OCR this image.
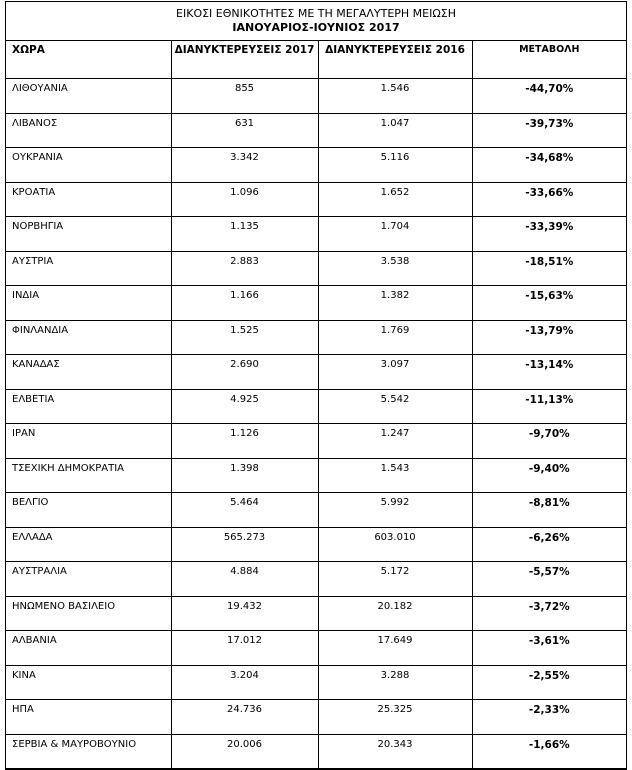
ΕΙΚΟΣΙ ΕΘΝΙΚΟΤΗΤΕΣ ΜΕ ΤΗ ΜΕΓΑΛΥΤΕΡΗ ΜΕΙΩΣΗ
ΙΑΝΟΥΑΡΙΟΣ-ΙΟΥΝΙΟΣ 2017			

ΧΩΡΑ	ΔΙΑΝΥΚΤΕΡΕΥΣΕΙΣ 2017	ΔΙΑΝΥΚΤΕΡΕΥΣΕΙΣ 2016	ΜΕΤΑΒΟΛΗ
ΛΙΘΟΥΑΝΙΑ	855	1.546	-44,70%
ΛΙΒΑΝΟΣ	631	1.047	-39,73%
ΟΥΚΡΑΝΙΑ	3.342	5.116	-34,68%
ΚΡΟΑΤΙΑ	1.096	1.652	-33,66%
ΝΟΡΒΗΓΙΑ	1.135	1.704	-33,39%
ΑΥΣΤΡΙΑ	2.883	3.538	-18,51%
ΙΝΔΙΑ	1.166	1.382	-15,63%
ΦΙΝΛΑΝΔΙΑ	1.525	1.769	-13,79%
ΚΑΝΑΔΑΣ	2.690	3.097	-13,14%
ΕΛΒΕΤΙΑ	4.925	5.542	-11,13%
ΙΡΑΝ	1.126	1.247	-9,70%
ΤΣΕΧΙΚΗ ΔΗΜΟΚΡΑΤΙΑ	1.398	1.543	-9,40%
ΒΕΛΓΙΟ	5.464	5.992	-8,81%
ΕΛΛΑΔΑ	565.273	603.010	-6,26%
ΑΥΣΤΡΑΛΙΑ	4.884	5.172	-5,57%
ΗΝΩΜΕΝΟ ΒΑΣΙΛΕΙΟ	19.432	20.182	-3,72%
ΑΛΒΑΝΙΑ	17.012	17.649	-3,61%
ΚΙΝΑ	3.204	3.288	-2,55%
ΗΠΑ	24.736	25.325	-2,33%
ΣΕΡΒΙΑ & ΜΑΥΡΟΒΟΥΝΙΟ	20.006	20.343	-1,66%
